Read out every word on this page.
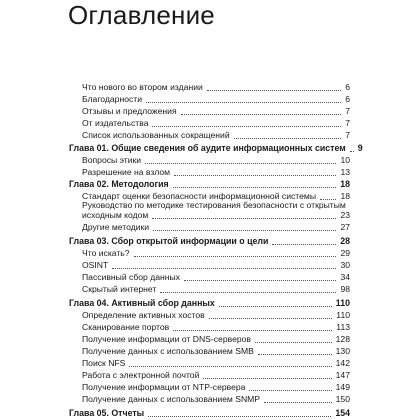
Оглавление
Что нового во втором издании	6
Благодарности	6
Отзывы и предложения	7
От издательства	7
Список использованных сокращений	7
Глава 01. Общие сведения об аудите информационных систем 9
Вопросы этики	10
Разрешение на взлом	13
Глава 02. Методология	18
Стандарт оценки безопасности информационной системы	18
Руководство по методике тестирования безопасности с открытым
исходным кодом	23
Другие методики	27
Глава 03. Сбор открытой информации о цели	28
Что искать?	29
OSINT	30
Пассивный сбор данных	34
Скрытый интернет	98
Глава 04. Активный сбор данных	110
Определение активных хостов	110
Сканирование портов	113
Получение информации от DNS-серверов	128
Получение данных с использованием SMB	130
Поиск NFS	142
Работа с электронной почтой	147
Получение информации от NTP-сервера	149
Получение данных с использованием SNMP	150
Глава 05. Отчеты	154
